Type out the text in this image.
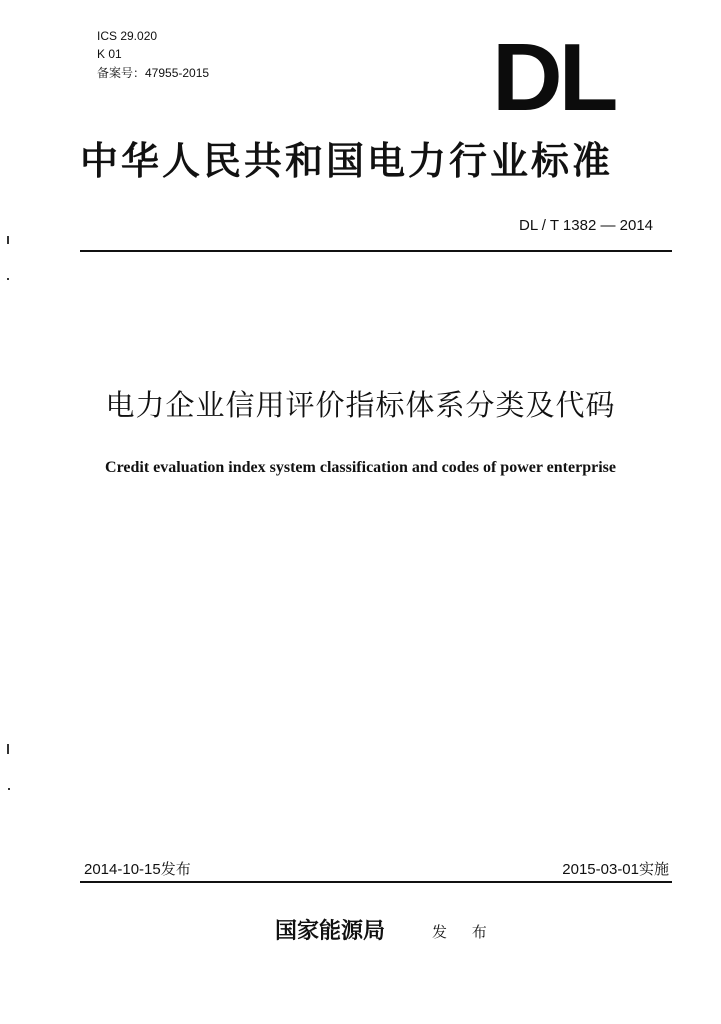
ICS 29.020
K 01
备案号：47955-2015	DL
中华人民共和国电力行业标准
DL / T 1382 — 2014
电力企业信用评价指标体系分类及代码
Credit evaluation index system classification and codes of power enterprise
2014-10-15发布	2015-03-01实施
国家能源局	发 布
